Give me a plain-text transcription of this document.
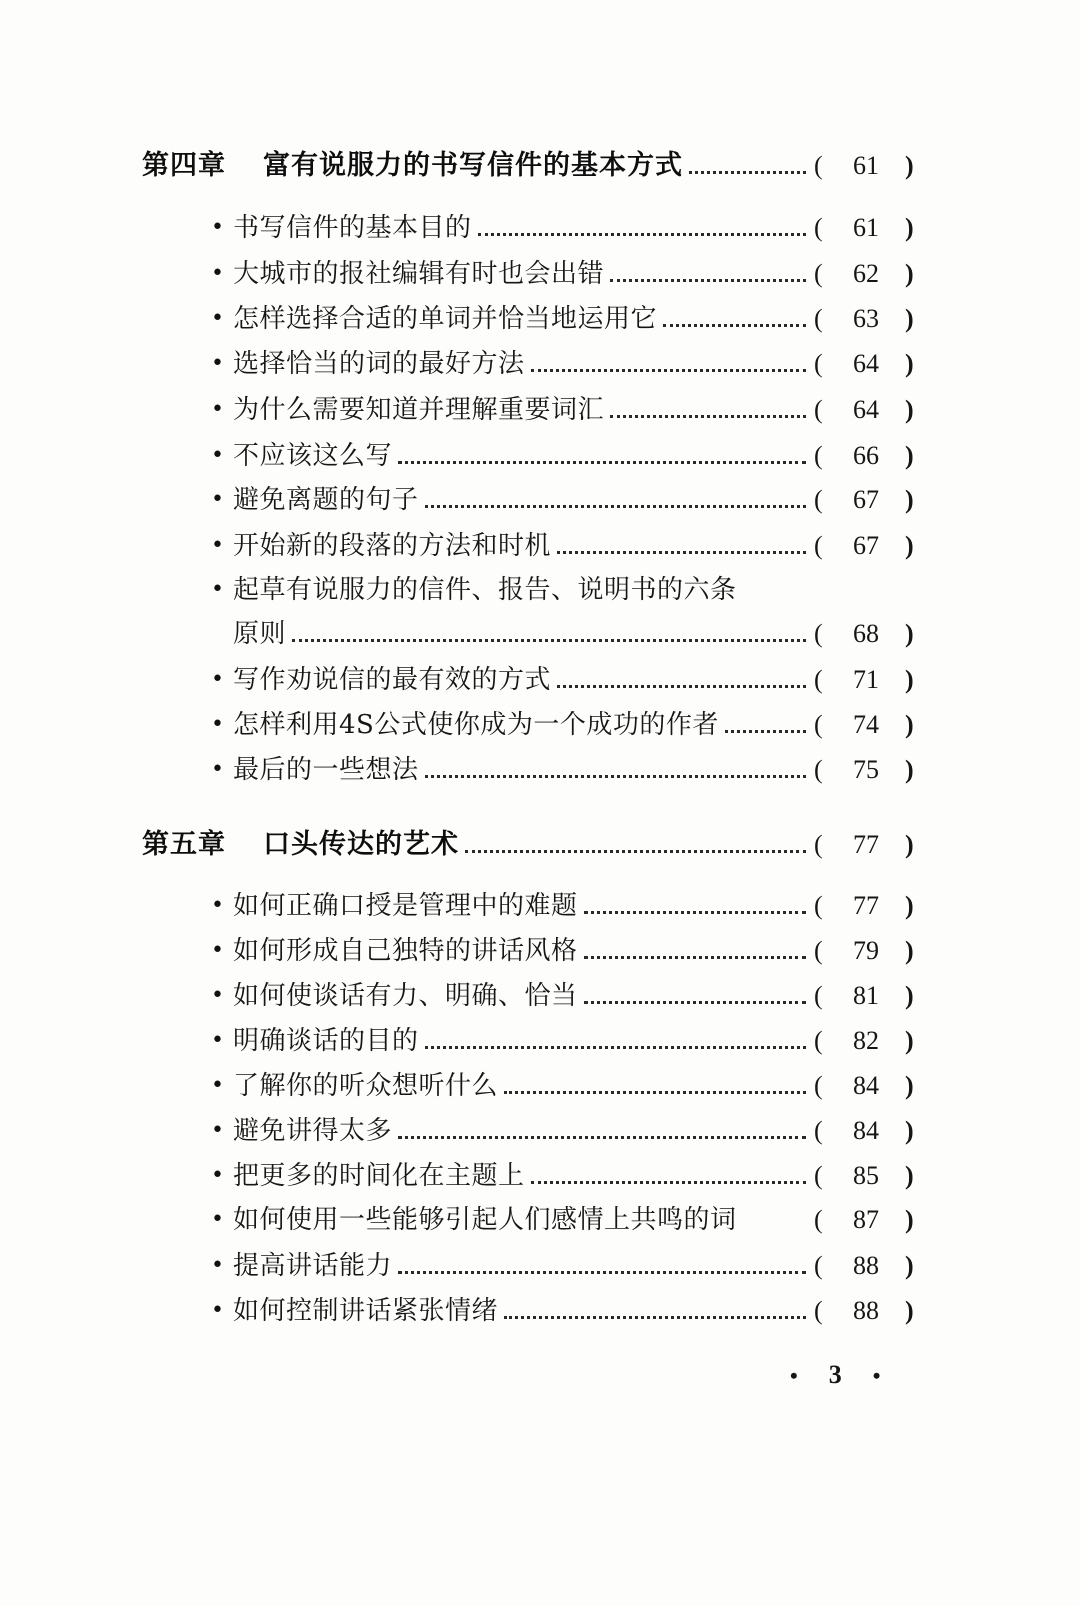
第四章 富有说服力的书写信件的基本方式	(	61	)
• 书写信件的基本目的	(	61	)
• 大城市的报社编辑有时也会出错	(	62	)
• 怎样选择合适的单词并恰当地运用它	(	63	)
• 选择恰当的词的最好方法	(	64	)
• 为什么需要知道并理解重要词汇	(	64	)
• 不应该这么写	(	66	)
• 避免离题的句子	(	67	)
• 开始新的段落的方法和时机	(	67	)
• 起草有说服力的信件、报告、说明书的六条
原则	(	68	)
• 写作劝说信的最有效的方式	(	71	)
• 怎样利用4S公式使你成为一个成功的作者	(	74	)
• 最后的一些想法	(	75	)
第五章 口头传达的艺术	(	77	)
• 如何正确口授是管理中的难题	(	77	)
• 如何形成自己独特的讲话风格	(	79	)
• 如何使谈话有力、明确、恰当	(	81	)
• 明确谈话的目的	(	82	)
• 了解你的听众想听什么	(	84	)
• 避免讲得太多	(	84	)
• 把更多的时间化在主题上	(	85	)
• 如何使用一些能够引起人们感情上共鸣的词	(	87	)
• 提高讲话能力	(	88	)
• 如何控制讲话紧张情绪	(	88	)
• 3 •
